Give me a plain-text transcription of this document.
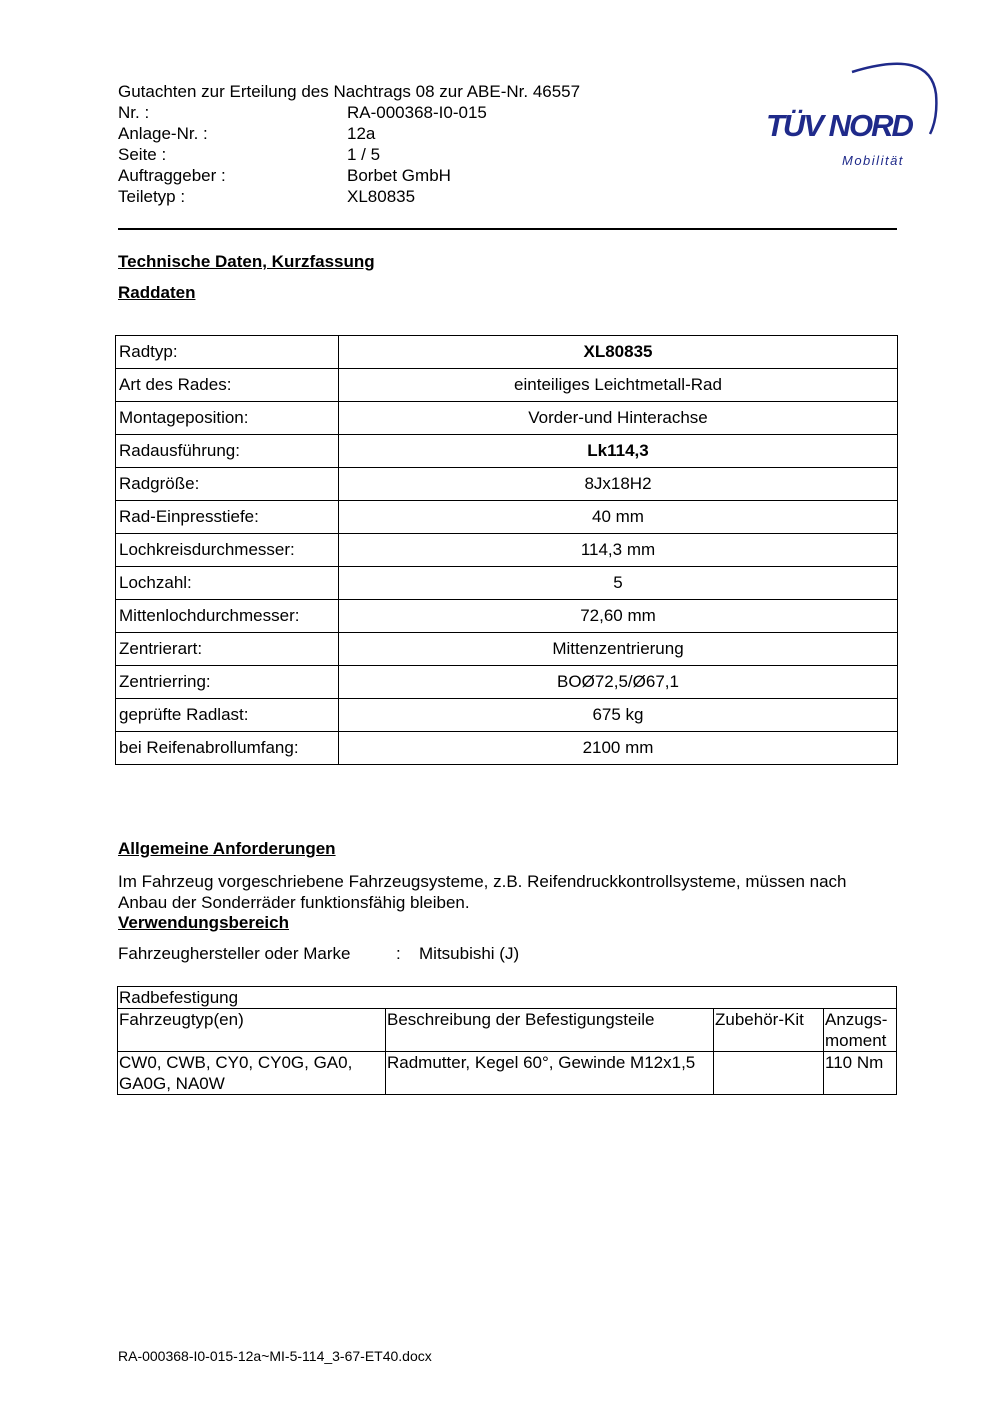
Gutachten zur Erteilung des Nachtrags 08 zur ABE-Nr. 46557
Nr. :	RA-000368-I0-015
Anlage-Nr. :	12a
Seite :	1 / 5
Auftraggeber :	Borbet GmbH
Teiletyp :	XL80835
TÜV NORD
Mobilität
Technische Daten, Kurzfassung
Raddaten
Radtyp:	XL80835
Art des Rades:	einteiliges Leichtmetall-Rad
Montageposition:	Vorder-und Hinterachse
Radausführung:	Lk114,3
Radgröße:	8Jx18H2
Rad-Einpresstiefe:	40 mm
Lochkreisdurchmesser:	114,3 mm
Lochzahl:	5
Mittenlochdurchmesser:	72,60 mm
Zentrierart:	Mittenzentrierung
Zentrierring:	BOØ72,5/Ø67,1
geprüfte Radlast:	675 kg
bei Reifenabrollumfang:	2100 mm
Allgemeine Anforderungen
Im Fahrzeug vorgeschriebene Fahrzeugsysteme, z.B. Reifendruckkontrollsysteme, müssen nach Anbau der Sonderräder funktionsfähig bleiben.
Verwendungsbereich
Fahrzeughersteller oder Marke	: Mitsubishi (J)
Radbefestigung			
Fahrzeugtyp(en)	Beschreibung der Befestigungsteile	Zubehör-Kit	Anzugs-moment
CW0, CWB, CY0, CY0G, GA0, GA0G, NA0W	Radmutter, Kegel 60°, Gewinde M12x1,5		110 Nm
RA-000368-I0-015-12a~MI-5-114_3-67-ET40.docx
